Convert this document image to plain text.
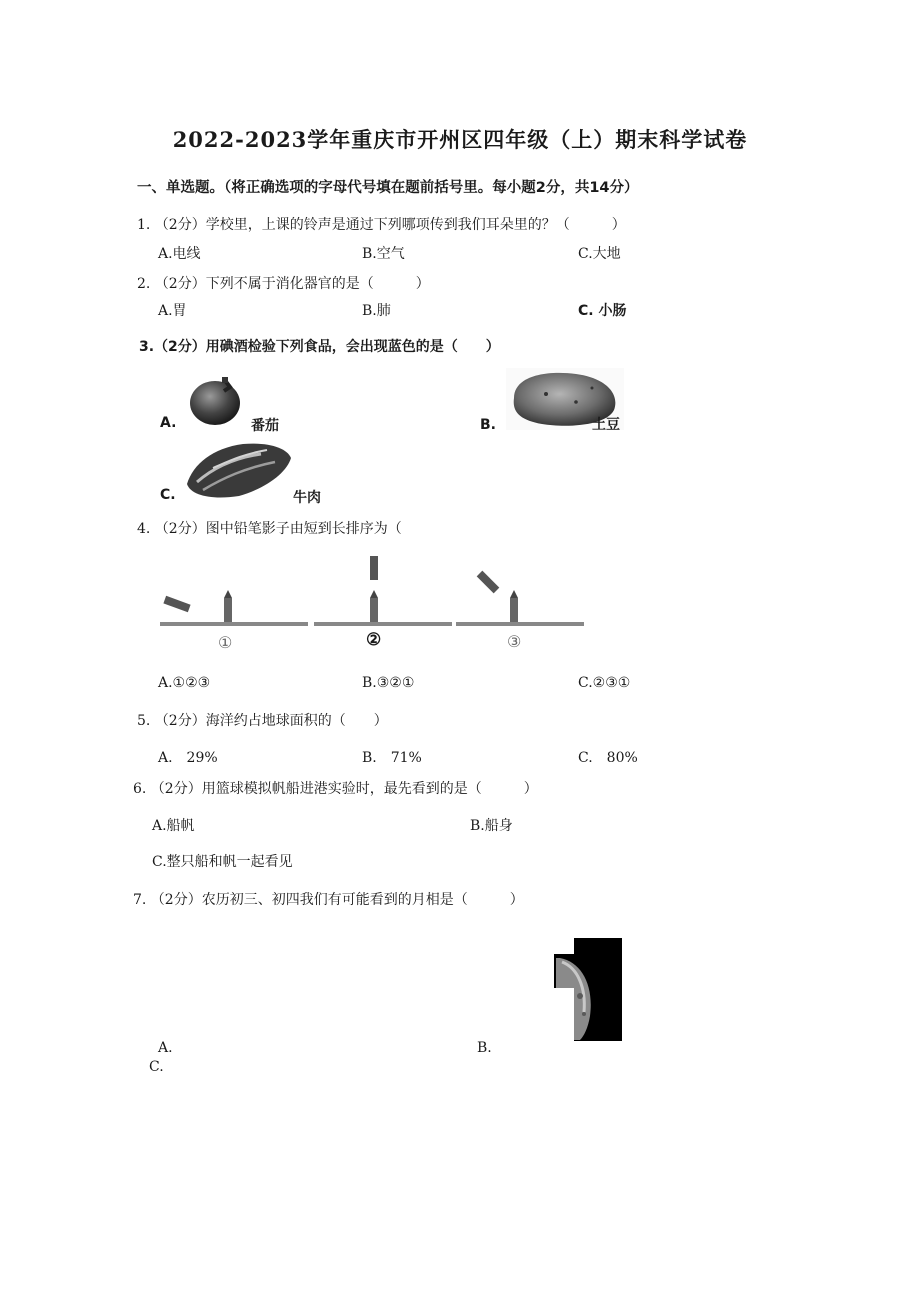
2022-2023学年重庆市开州区四年级（上）期末科学试卷
一、单选题。（将正确选项的字母代号填在题前括号里。每小题2分，共14分）
1. （2分）学校里，上课的铃声是通过下列哪项传到我们耳朵里的？（　　　）
A.电线	B.空气	C.大地
2. （2分）下列不属于消化器官的是（　　　）
A.胃	B.肺	C. 小肠
3.（2分）用碘酒检验下列食品，会出现蓝色的是（　　）
A.	番茄	B.	土豆
C.	牛肉
4. （2分）图中铅笔影子由短到长排序为（
①	②	③
A.①②③	B.③②①	C.②③①
5. （2分）海洋约占地球面积的（　　）
A.　29%	B.　71%	C.　80%
6. （2分）用篮球模拟帆船进港实验时，最先看到的是（　　　）
A.船帆	B.船身
C.整只船和帆一起看见
7. （2分）农历初三、初四我们有可能看到的月相是（　　　）
A.	B.
C.
